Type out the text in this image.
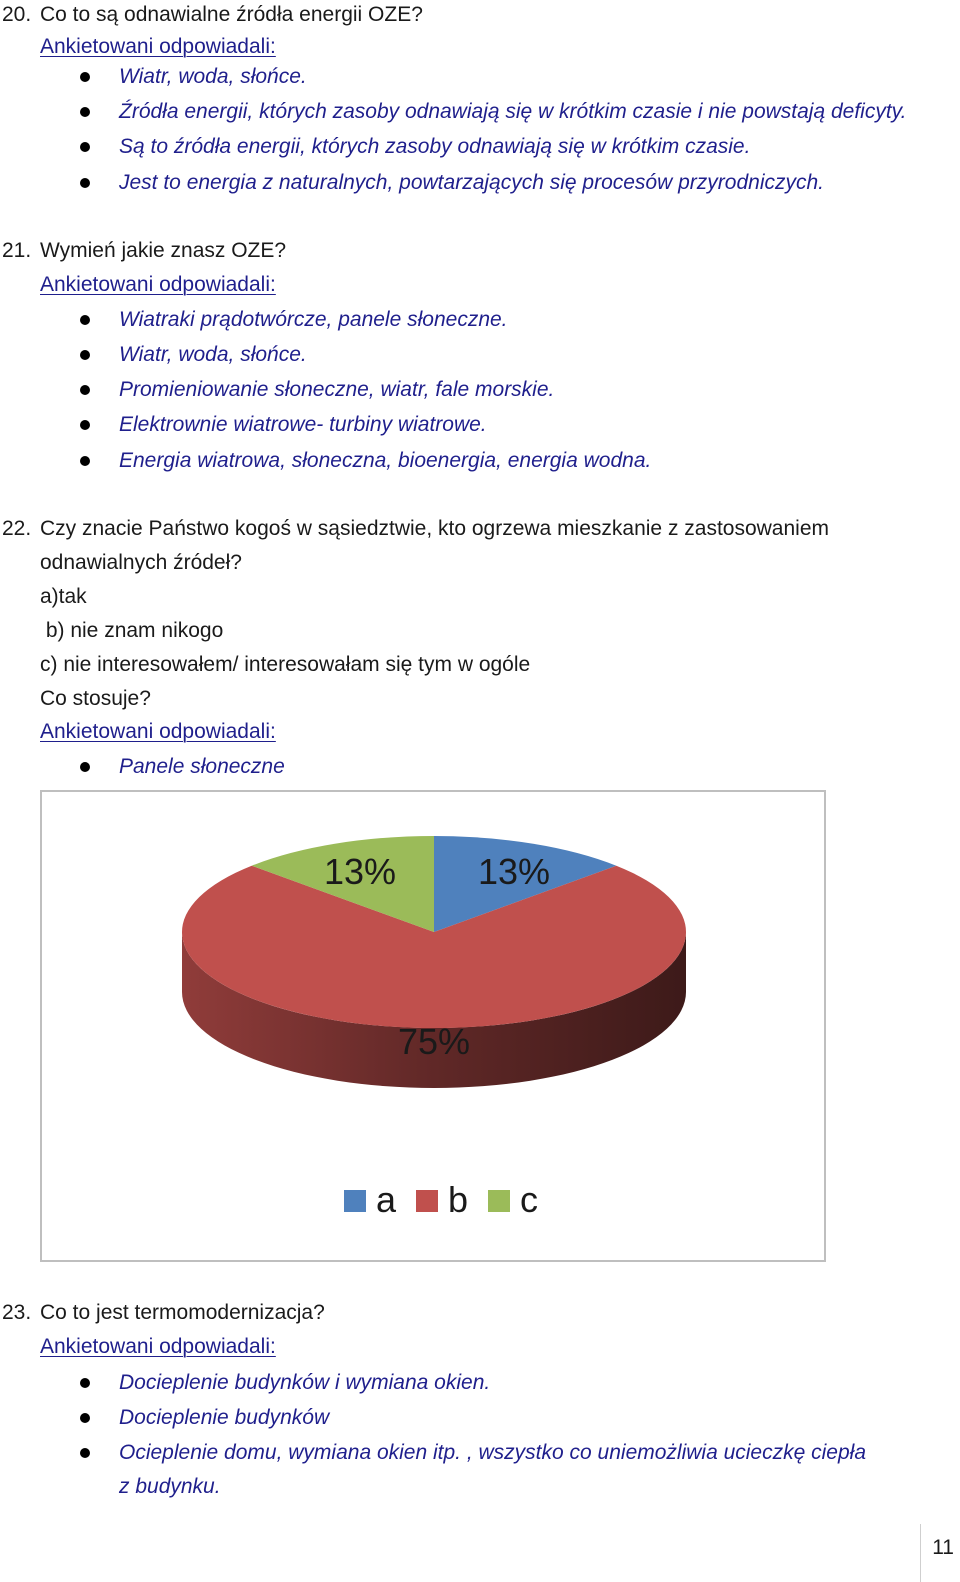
20. Co to są odnawialne źródła energii OZE?
Ankietowani odpowiadali:
Wiatr, woda, słońce.
Źródła energii, których zasoby odnawiają się w krótkim czasie i nie powstają deficyty.
Są to źródła energii, których zasoby odnawiają się w krótkim czasie.
Jest to energia z naturalnych, powtarzających się procesów przyrodniczych.
21. Wymień jakie znasz OZE?
Ankietowani odpowiadali:
Wiatraki prądotwórcze, panele słoneczne.
Wiatr, woda, słońce.
Promieniowanie słoneczne, wiatr, fale morskie.
Elektrownie wiatrowe- turbiny wiatrowe.
Energia wiatrowa, słoneczna, bioenergia, energia wodna.
22. Czy znacie Państwo kogoś w sąsiedztwie, kto ogrzewa mieszkanie z zastosowaniem
odnawialnych źródeł?
a)tak
b) nie znam nikogo
c) nie interesowałem/ interesowałam się tym w ogóle
Co stosuje?
Ankietowani odpowiadali:
Panele słoneczne
13%
75%
13%
a b c
23. Co to jest termomodernizacja?
Ankietowani odpowiadali:
Docieplenie budynków i wymiana okien.
Docieplenie budynków
Ocieplenie domu, wymiana okien itp. , wszystko co uniemożliwia ucieczkę ciepła
z budynku.
11
